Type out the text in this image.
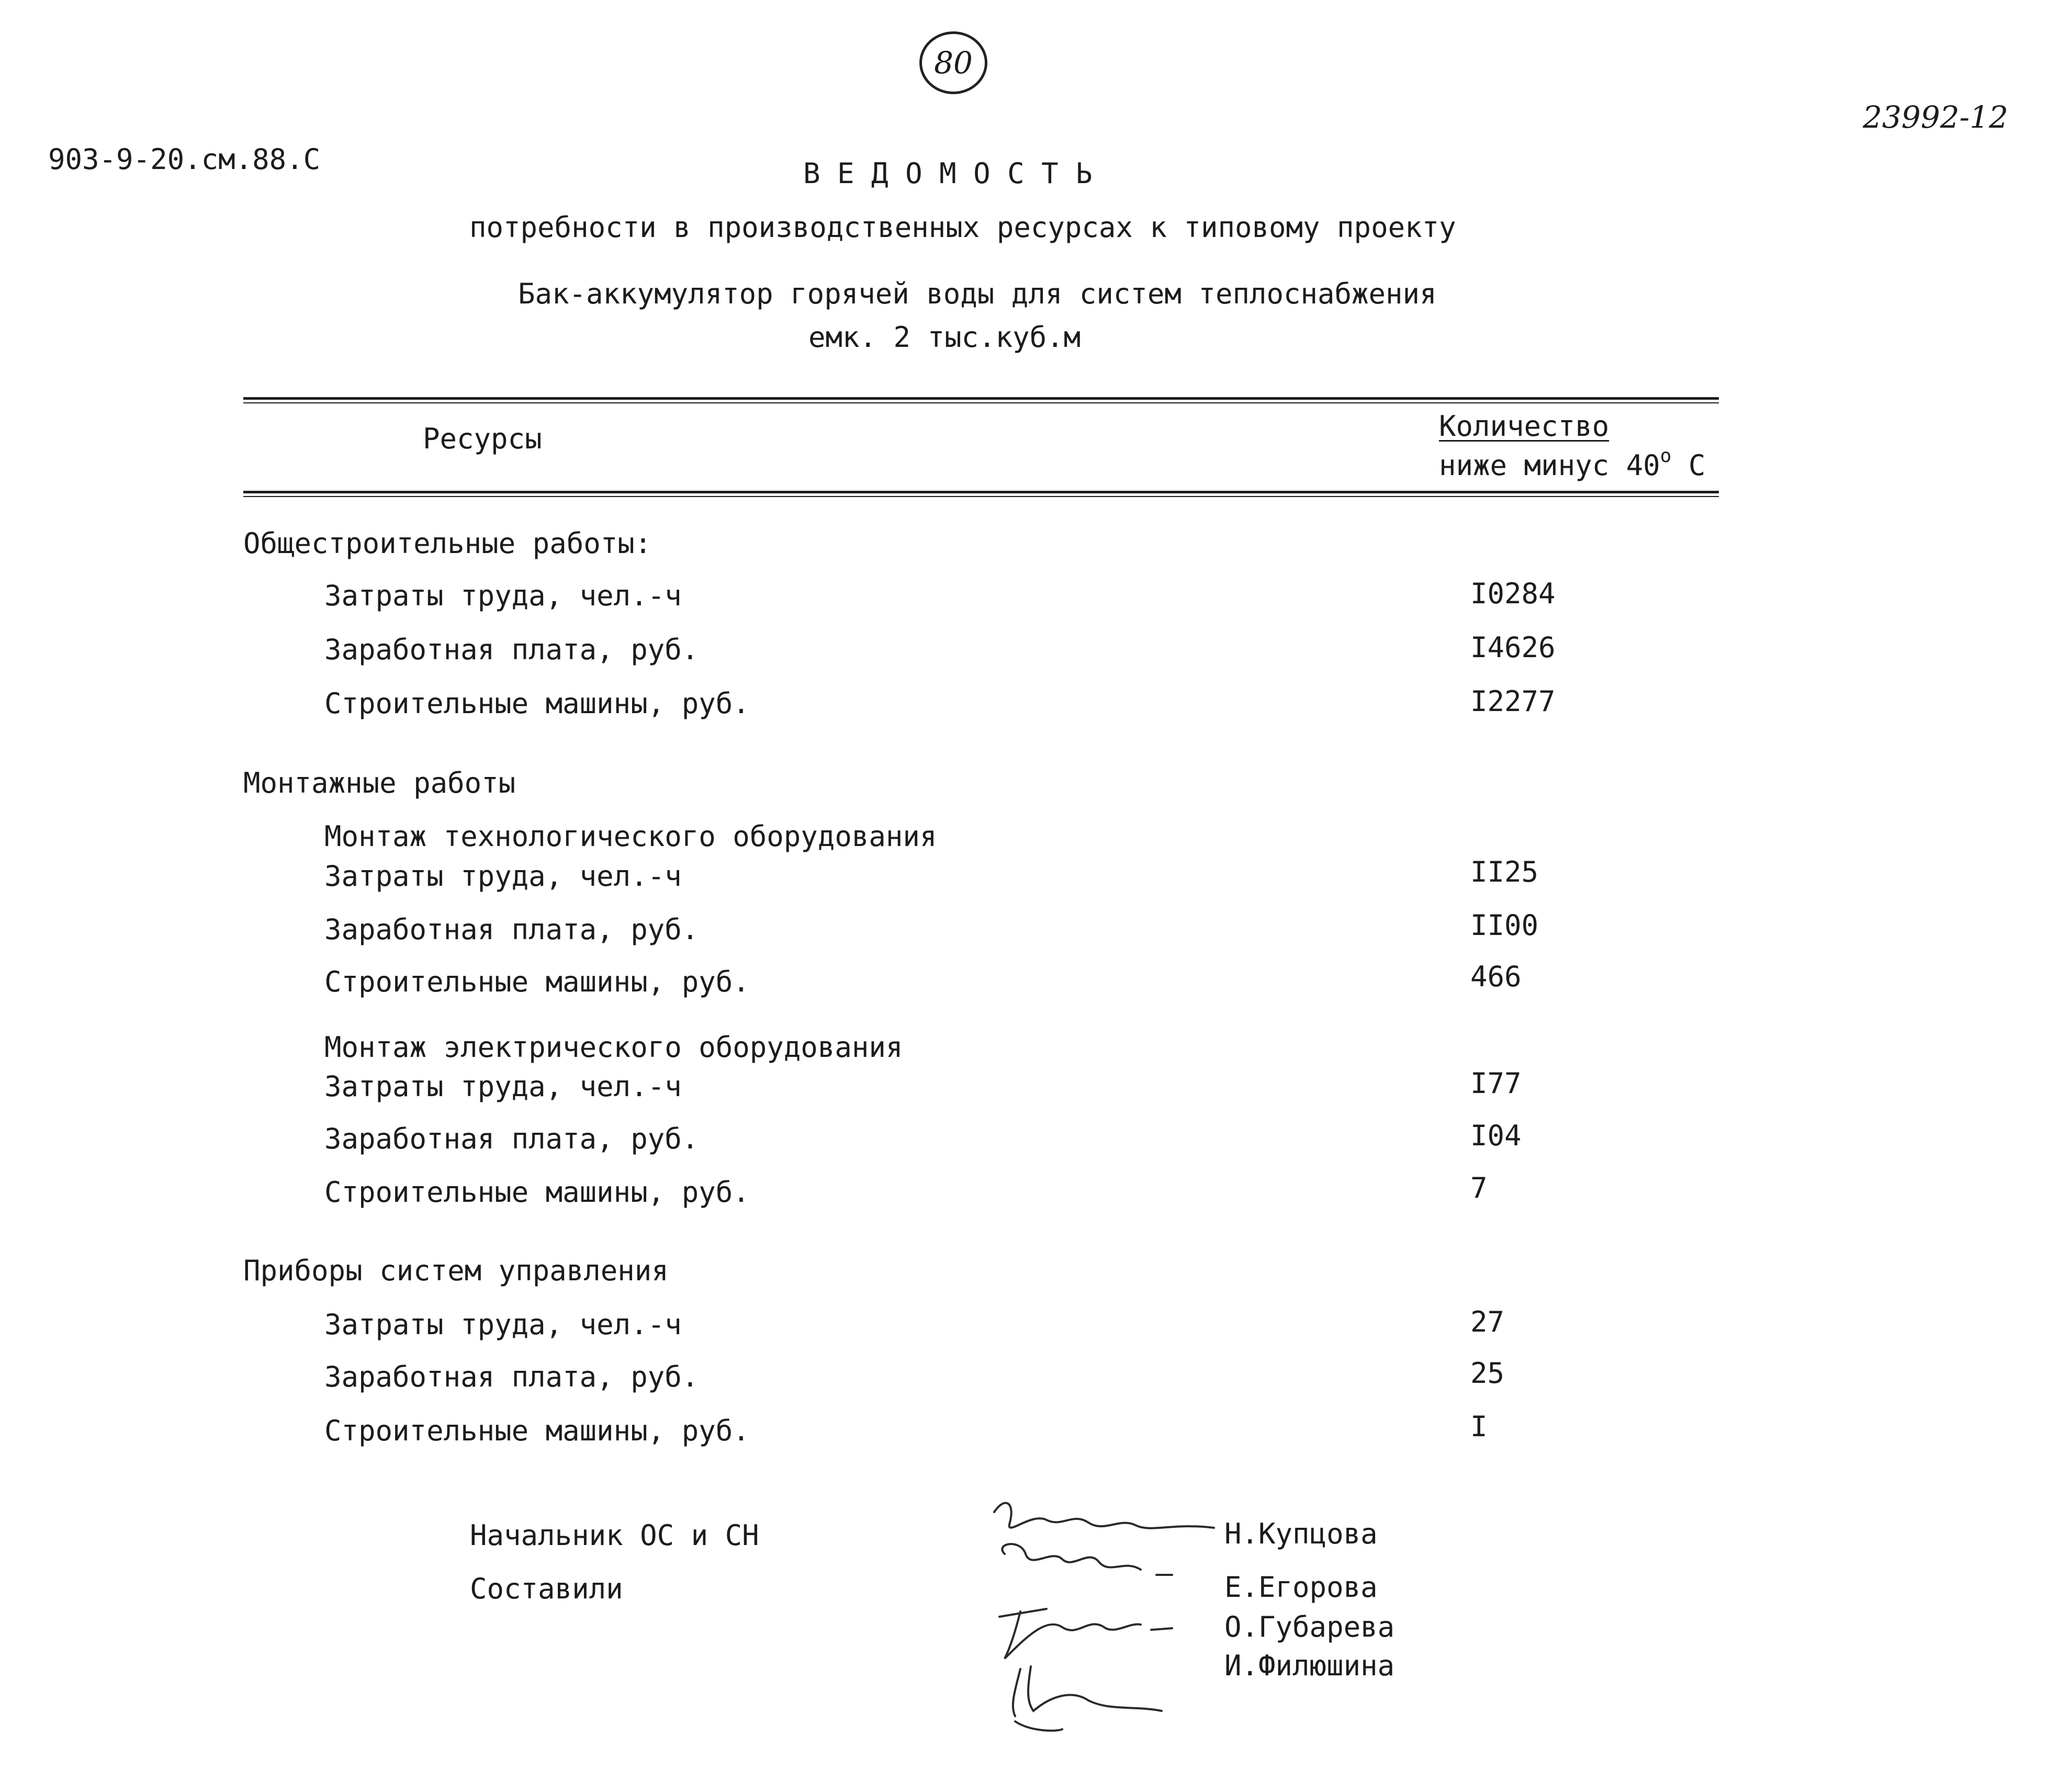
80
23992-12
903-9-20.см.88.С	В Е Д О М О С Т Ь
потребности в производственных ресурсах к типовому проекту
Бак-аккумулятор горячей воды для систем теплоснабжения
емк. 2 тыс.куб.м
Ресурсы	Количество
ниже минус $40^о$ С
Общестроительные работы:
Затраты труда, чел.-ч	I0284
Заработная плата, руб.	I4626
Строительные машины, руб.	I2277
Монтажные работы
Монтаж технологического оборудования
Затраты труда, чел.-ч	II25
Заработная плата, руб.	II00
Строительные машины, руб.	466
Монтаж электрического оборудования
Затраты труда, чел.-ч	I77
Заработная плата, руб.	I04
Строительные машины, руб.	7
Приборы систем управления
Затраты труда, чел.-ч	27
Заработная плата, руб.	25
Строительные машины, руб.	I
Начальник ОС и СН
Составили
Н.Купцова
Е.Егорова
О.Губарева
И.Филюшина
